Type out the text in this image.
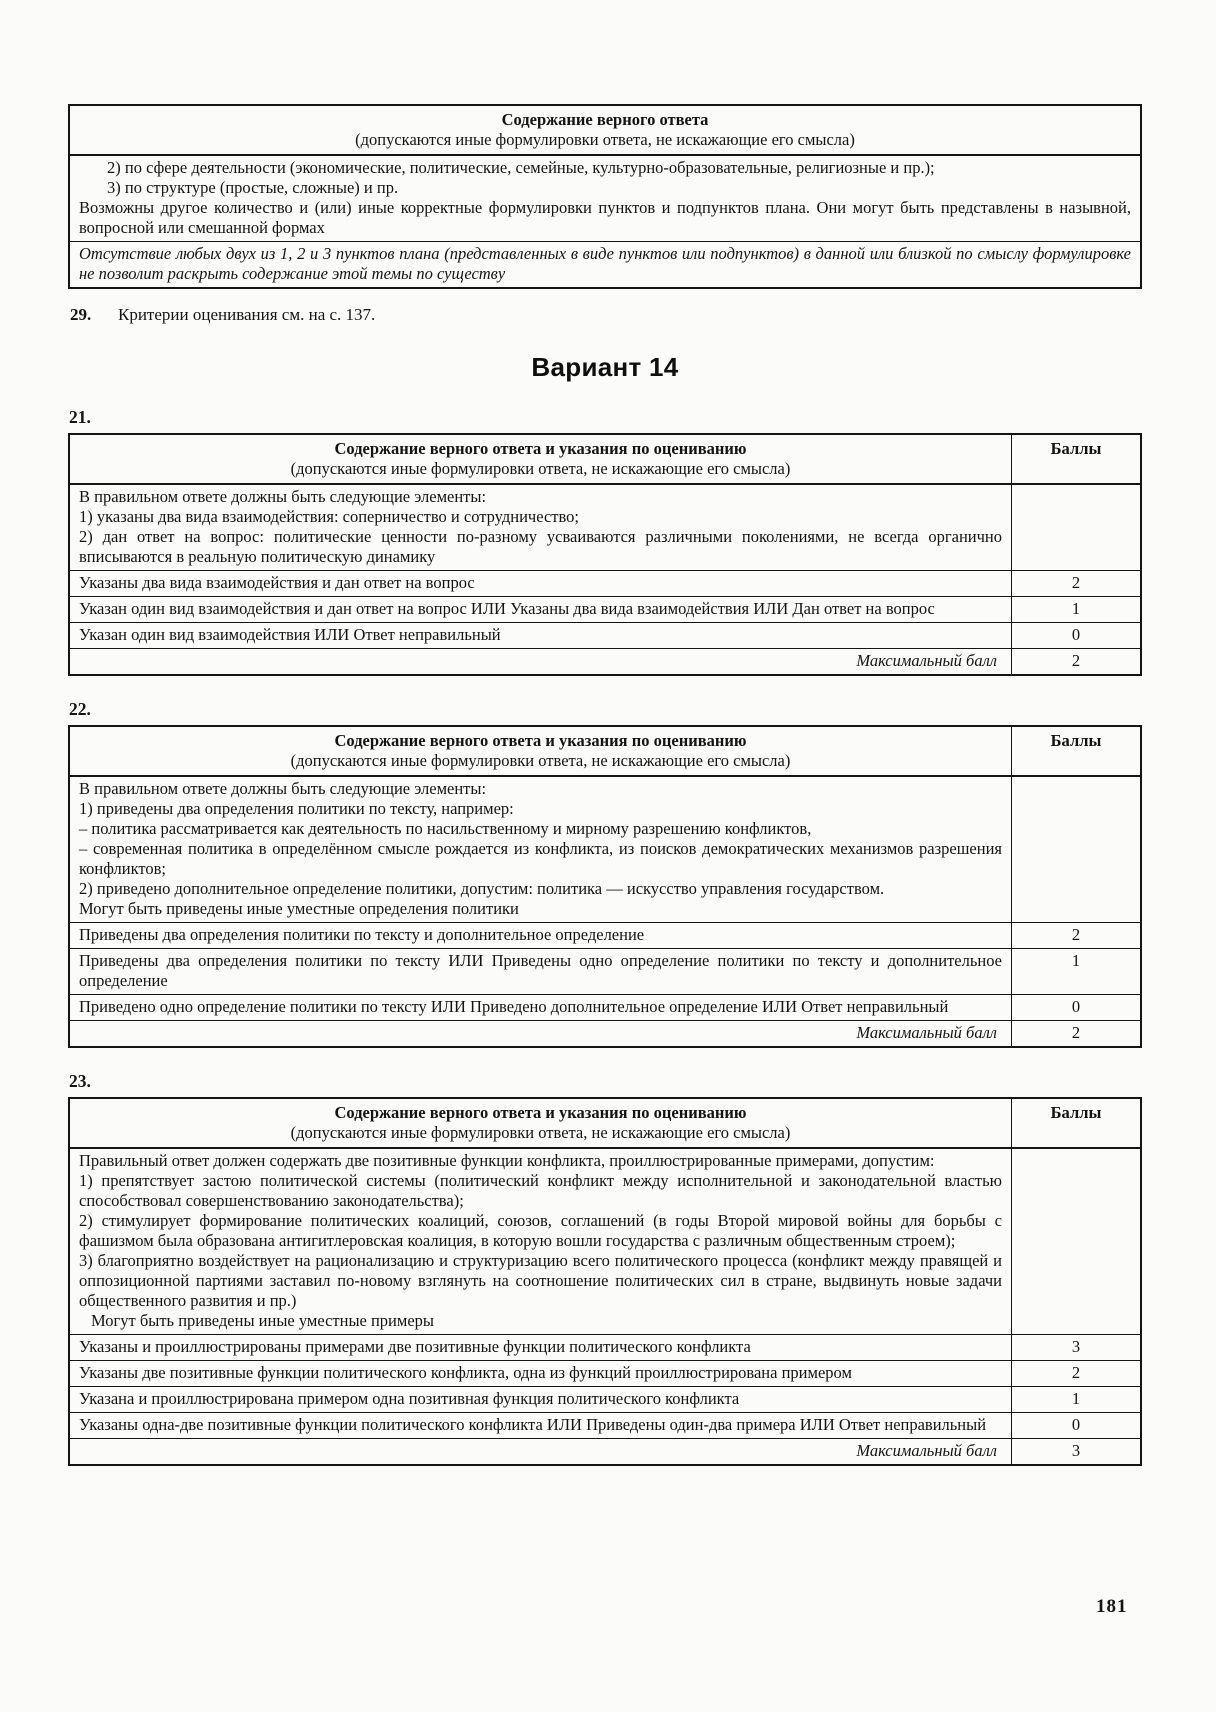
Содержание верного ответа
(допускаются иные формулировки ответа, не искажающие его смысла)

2) по сфере деятельности (экономические, политические, семейные, культурно-образовательные, религиозные и пр.);
3) по структуре (простые, сложные) и пр.
Возможны другое количество и (или) иные корректные формулировки пунктов и подпунктов плана. Они могут быть представлены в назывной, вопросной или смешанной формах

Отсутствие любых двух из 1, 2 и 3 пунктов плана (представленных в виде пунктов или подпунктов) в данной или близкой по смыслу формулировке не позволит раскрыть содержание этой темы по существу
29. Критерии оценивания см. на с. 137.
Вариант 14
21.
Содержание верного ответа и указания по оцениванию
(допускаются иные формулировки ответа, не искажающие его смысла)	Баллы

В правильном ответе должны быть следующие элементы:
1) указаны два вида взаимодействия: соперничество и сотрудничество;
2) дан ответ на вопрос: политические ценности по-разному усваиваются различными поколениями, не всегда органично вписываются в реальную политическую динамику	

Указаны два вида взаимодействия и дан ответ на вопрос	2
Указан один вид взаимодействия и дан ответ на вопрос ИЛИ Указаны два вида взаимодействия ИЛИ Дан ответ на вопрос	1
Указан один вид взаимодействия ИЛИ Ответ неправильный	0
Максимальный балл	2
22.
Содержание верного ответа и указания по оцениванию
(допускаются иные формулировки ответа, не искажающие его смысла)	Баллы

В правильном ответе должны быть следующие элементы:
1) приведены два определения политики по тексту, например:
– политика рассматривается как деятельность по насильственному и мирному разрешению конфликтов,
– современная политика в определённом смысле рождается из конфликта, из поисков демократических механизмов разрешения конфликтов;
2) приведено дополнительное определение политики, допустим: политика — искусство управления государством.
Могут быть приведены иные уместные определения политики

Приведены два определения политики по тексту и дополнительное определение	2
Приведены два определения политики по тексту ИЛИ Приведены одно определение политики по тексту и дополнительное определение	1
Приведено одно определение политики по тексту ИЛИ Приведено дополнительное определение ИЛИ Ответ неправильный	0
Максимальный балл	2
23.
Содержание верного ответа и указания по оцениванию
(допускаются иные формулировки ответа, не искажающие его смысла)	Баллы

Правильный ответ должен содержать две позитивные функции конфликта, проиллюстрированные примерами, допустим:
1) препятствует застою политической системы (политический конфликт между исполнительной и законодательной властью способствовал совершенствованию законодательства);
2) стимулирует формирование политических коалиций, союзов, соглашений (в годы Второй мировой войны для борьбы с фашизмом была образована антигитлеровская коалиция, в которую вошли государства с различным общественным строем);
3) благоприятно воздействует на рационализацию и структуризацию всего политического процесса (конфликт между правящей и оппозиционной партиями заставил по-новому взглянуть на соотношение политических сил в стране, выдвинуть новые задачи общественного развития и пр.)
Могут быть приведены иные уместные примеры	

Указаны и проиллюстрированы примерами две позитивные функции политического конфликта	3
Указаны две позитивные функции политического конфликта, одна из функций проиллюстрирована примером	2
Указана и проиллюстрирована примером одна позитивная функция политического конфликта	1
Указаны одна-две позитивные функции политического конфликта ИЛИ Приведены один-два примера ИЛИ Ответ неправильный	0
Максимальный балл	3
181
